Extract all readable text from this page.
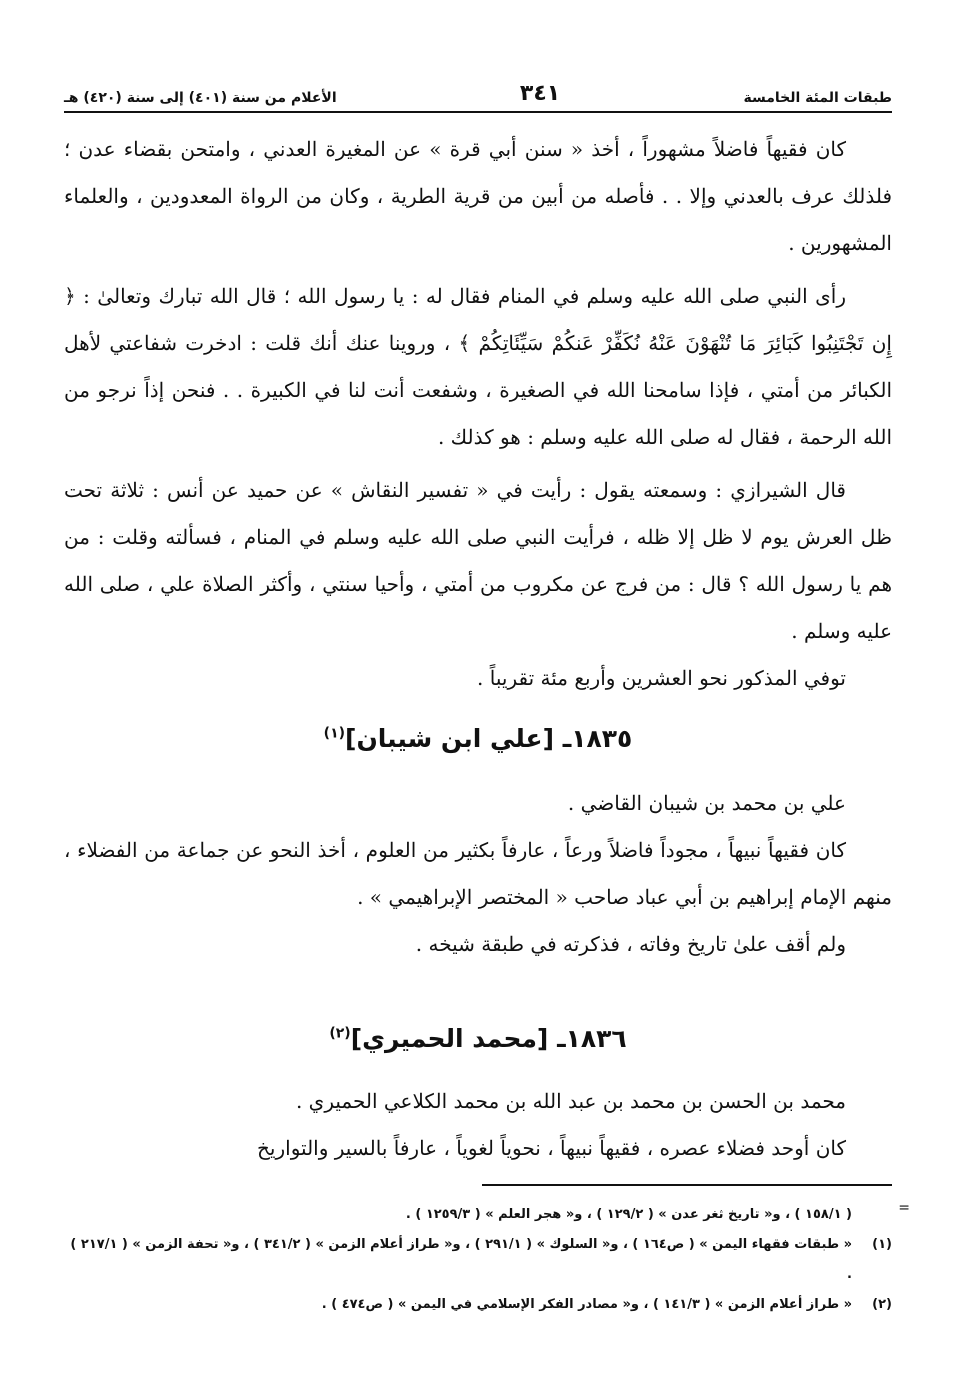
طبقات المئة الخامسة
٣٤١
الأعلام من سنة (٤٠١) إلى سنة (٤٢٠) هـ

كان فقيهاً فاضلاً مشهوراً ، أخذ « سنن أبي قرة » عن المغيرة العدني ، وامتحن بقضاء عدن ؛ فلذلك عرف بالعدني وإلا . . فأصله من أبين من قرية الطرية ، وكان من الرواة المعدودين ، والعلماء المشهورين .

رأى النبي صلى الله عليه وسلم في المنام فقال له : يا رسول الله ؛ قال الله تبارك وتعالىٰ : ﴿ إِن تَجْتَنِبُوا كَبَائِرَ مَا تُنْهَوْنَ عَنْهُ نُكَفِّرْ عَنكُمْ سَيِّئَاتِكُمْ ﴾ ، وروينا عنك أنك قلت : ادخرت شفاعتي لأهل الكبائر من أمتي ، فإذا سامحنا الله في الصغيرة ، وشفعت أنت لنا في الكبيرة . . فنحن إذاً نرجو من الله الرحمة ، فقال له صلى الله عليه وسلم : هو كذلك .

قال الشيرازي : وسمعته يقول : رأيت في « تفسير النقاش » عن حميد عن أنس : ثلاثة تحت ظل العرش يوم لا ظل إلا ظله ، فرأيت النبي صلى الله عليه وسلم في المنام ، فسألته وقلت : من هم يا رسول الله ؟ قال : من فرج عن مكروب من أمتي ، وأحيا سنتي ، وأكثر الصلاة علي ، صلى الله عليه وسلم .

توفي المذكور نحو العشرين وأربع مئة تقريباً .

١٨٣٥ـ [علي ابن شيبان]$^{(١)}$

علي بن محمد بن شيبان القاضي .

كان فقيهاً نبيهاً ، مجوداً فاضلاً ورعاً ، عارفاً بكثير من العلوم ، أخذ النحو عن جماعة من الفضلاء ، منهم الإمام إبراهيم بن أبي عباد صاحب « المختصر الإبراهيمي » .

ولم أقف علىٰ تاريخ وفاته ، فذكرته في طبقة شيخه .

١٨٣٦ـ [محمد الحميري]$^{(٢)}$

محمد بن الحسن بن محمد بن عبد الله بن محمد الكلاعي الحميري .

كان أوحد فضلاء عصره ، فقيهاً نبيهاً ، نحوياً لغوياً ، عارفاً بالسير والتواريخ

=
( ١٥٨/١ ) ، و« تاريخ ثغر عدن » ( ١٢٩/٢ ) ، و« هجر العلم » ( ١٢٥٩/٣ ) .
(١)
« طبقات فقهاء اليمن » ( ص١٦٤ ) ، و« السلوك » ( ٢٩١/١ ) ، و« طراز أعلام الزمن » ( ٣٤١/٢ ) ، و« تحفة الزمن » ( ٢١٧/١ ) .
(٢)
« طراز أعلام الزمن » ( ١٤١/٣ ) ، و« مصادر الفكر الإسلامي في اليمن » ( ص٤٧٤ ) .
